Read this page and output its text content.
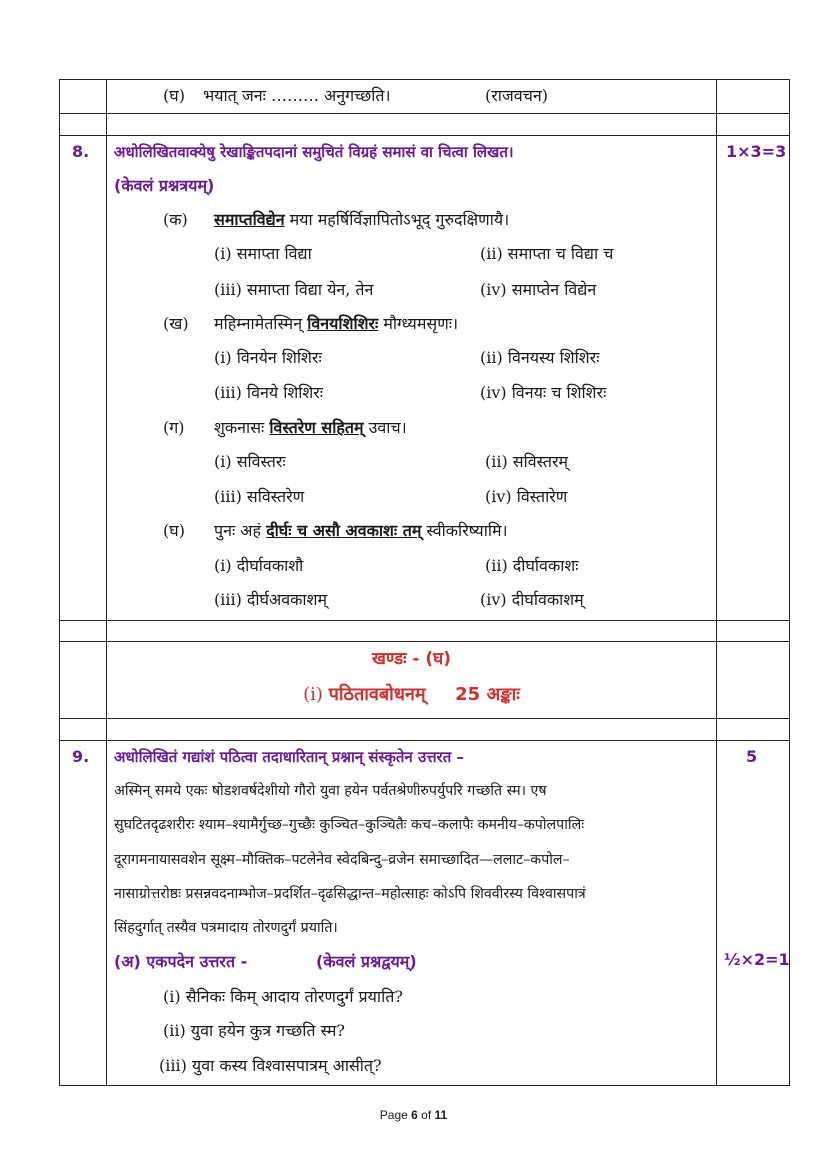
(घ) भयात् जनः ……… अनुगच्छति।	(राजवचन)
8. अधोलिखितवाक्येषु रेखाङ्कितपदानां समुचितं विग्रहं समासं वा चित्वा लिखत।	1×3=3
(केवलं प्रश्नत्रयम्)
(क) समाप्तविद्येन मया महर्षिर्विज्ञापितोऽभूद् गुरुदक्षिणायै।
(i) समाप्ता विद्या	(ii) समाप्ता च विद्या च
(iii) समाप्ता विद्या येन, तेन	(iv) समाप्तेन विद्येन
(ख) महिम्नामेतस्मिन् विनयशिशिरः मौग्ध्यमसृणः।
(i) विनयेन शिशिरः	(ii) विनयस्य शिशिरः
(iii) विनये शिशिरः	(iv) विनयः च शिशिरः
(ग) शुकनासः विस्तरेण सहितम् उवाच।
(i) सविस्तरः	(ii) सविस्तरम्
(iii) सविस्तरेण	(iv) विस्तारेण
(घ) पुनः अहं दीर्घः च असौ अवकाशः तम् स्वीकरिष्यामि।
(i) दीर्घावकाशौ	(ii) दीर्घावकाशः
(iii) दीर्घअवकाशम्	(iv) दीर्घावकाशम्
खण्डः - (घ)
(i) पठितावबोधनम् 25 अङ्काः
9. अधोलिखितं गद्यांशं पठित्वा तदाधारितान् प्रश्नान् संस्कृतेन उत्तरत –	5
अस्मिन् समये एकः षोडशवर्षदेशीयो गौरो युवा हयेन पर्वतश्रेणीरुपर्युपरि गच्छति स्म। एष
सुघटितदृढशरीरः श्याम–श्यामैर्गुच्छ–गुच्छैः कुञ्चित–कुञ्चितैः कच–कलापैः कमनीय–कपोलपालिः
दूरागमनायासवशेन सूक्ष्म–मौक्तिक–पटलेनेव स्वेदबिन्दु–व्रजेन समाच्छादित—ललाट–कपोल–
नासाग्रोत्तरोष्ठः प्रसन्नवदनाम्भोज–प्रदर्शित–दृढसिद्धान्त–महोत्साहः कोऽपि शिववीरस्य विश्वासपात्रं
सिंहदुर्गात् तस्यैव पत्रमादाय तोरणदुर्गं प्रयाति।
(अ) एकपदेन उत्तरत -	(केवलं प्रश्नद्वयम्)	½×2=1
(i) सैनिकः किम् आदाय तोरणदुर्गं प्रयाति?
(ii) युवा हयेन कुत्र गच्छति स्म?
(iii) युवा कस्य विश्वासपात्रम् आसीत्?
Page 6 of 11
